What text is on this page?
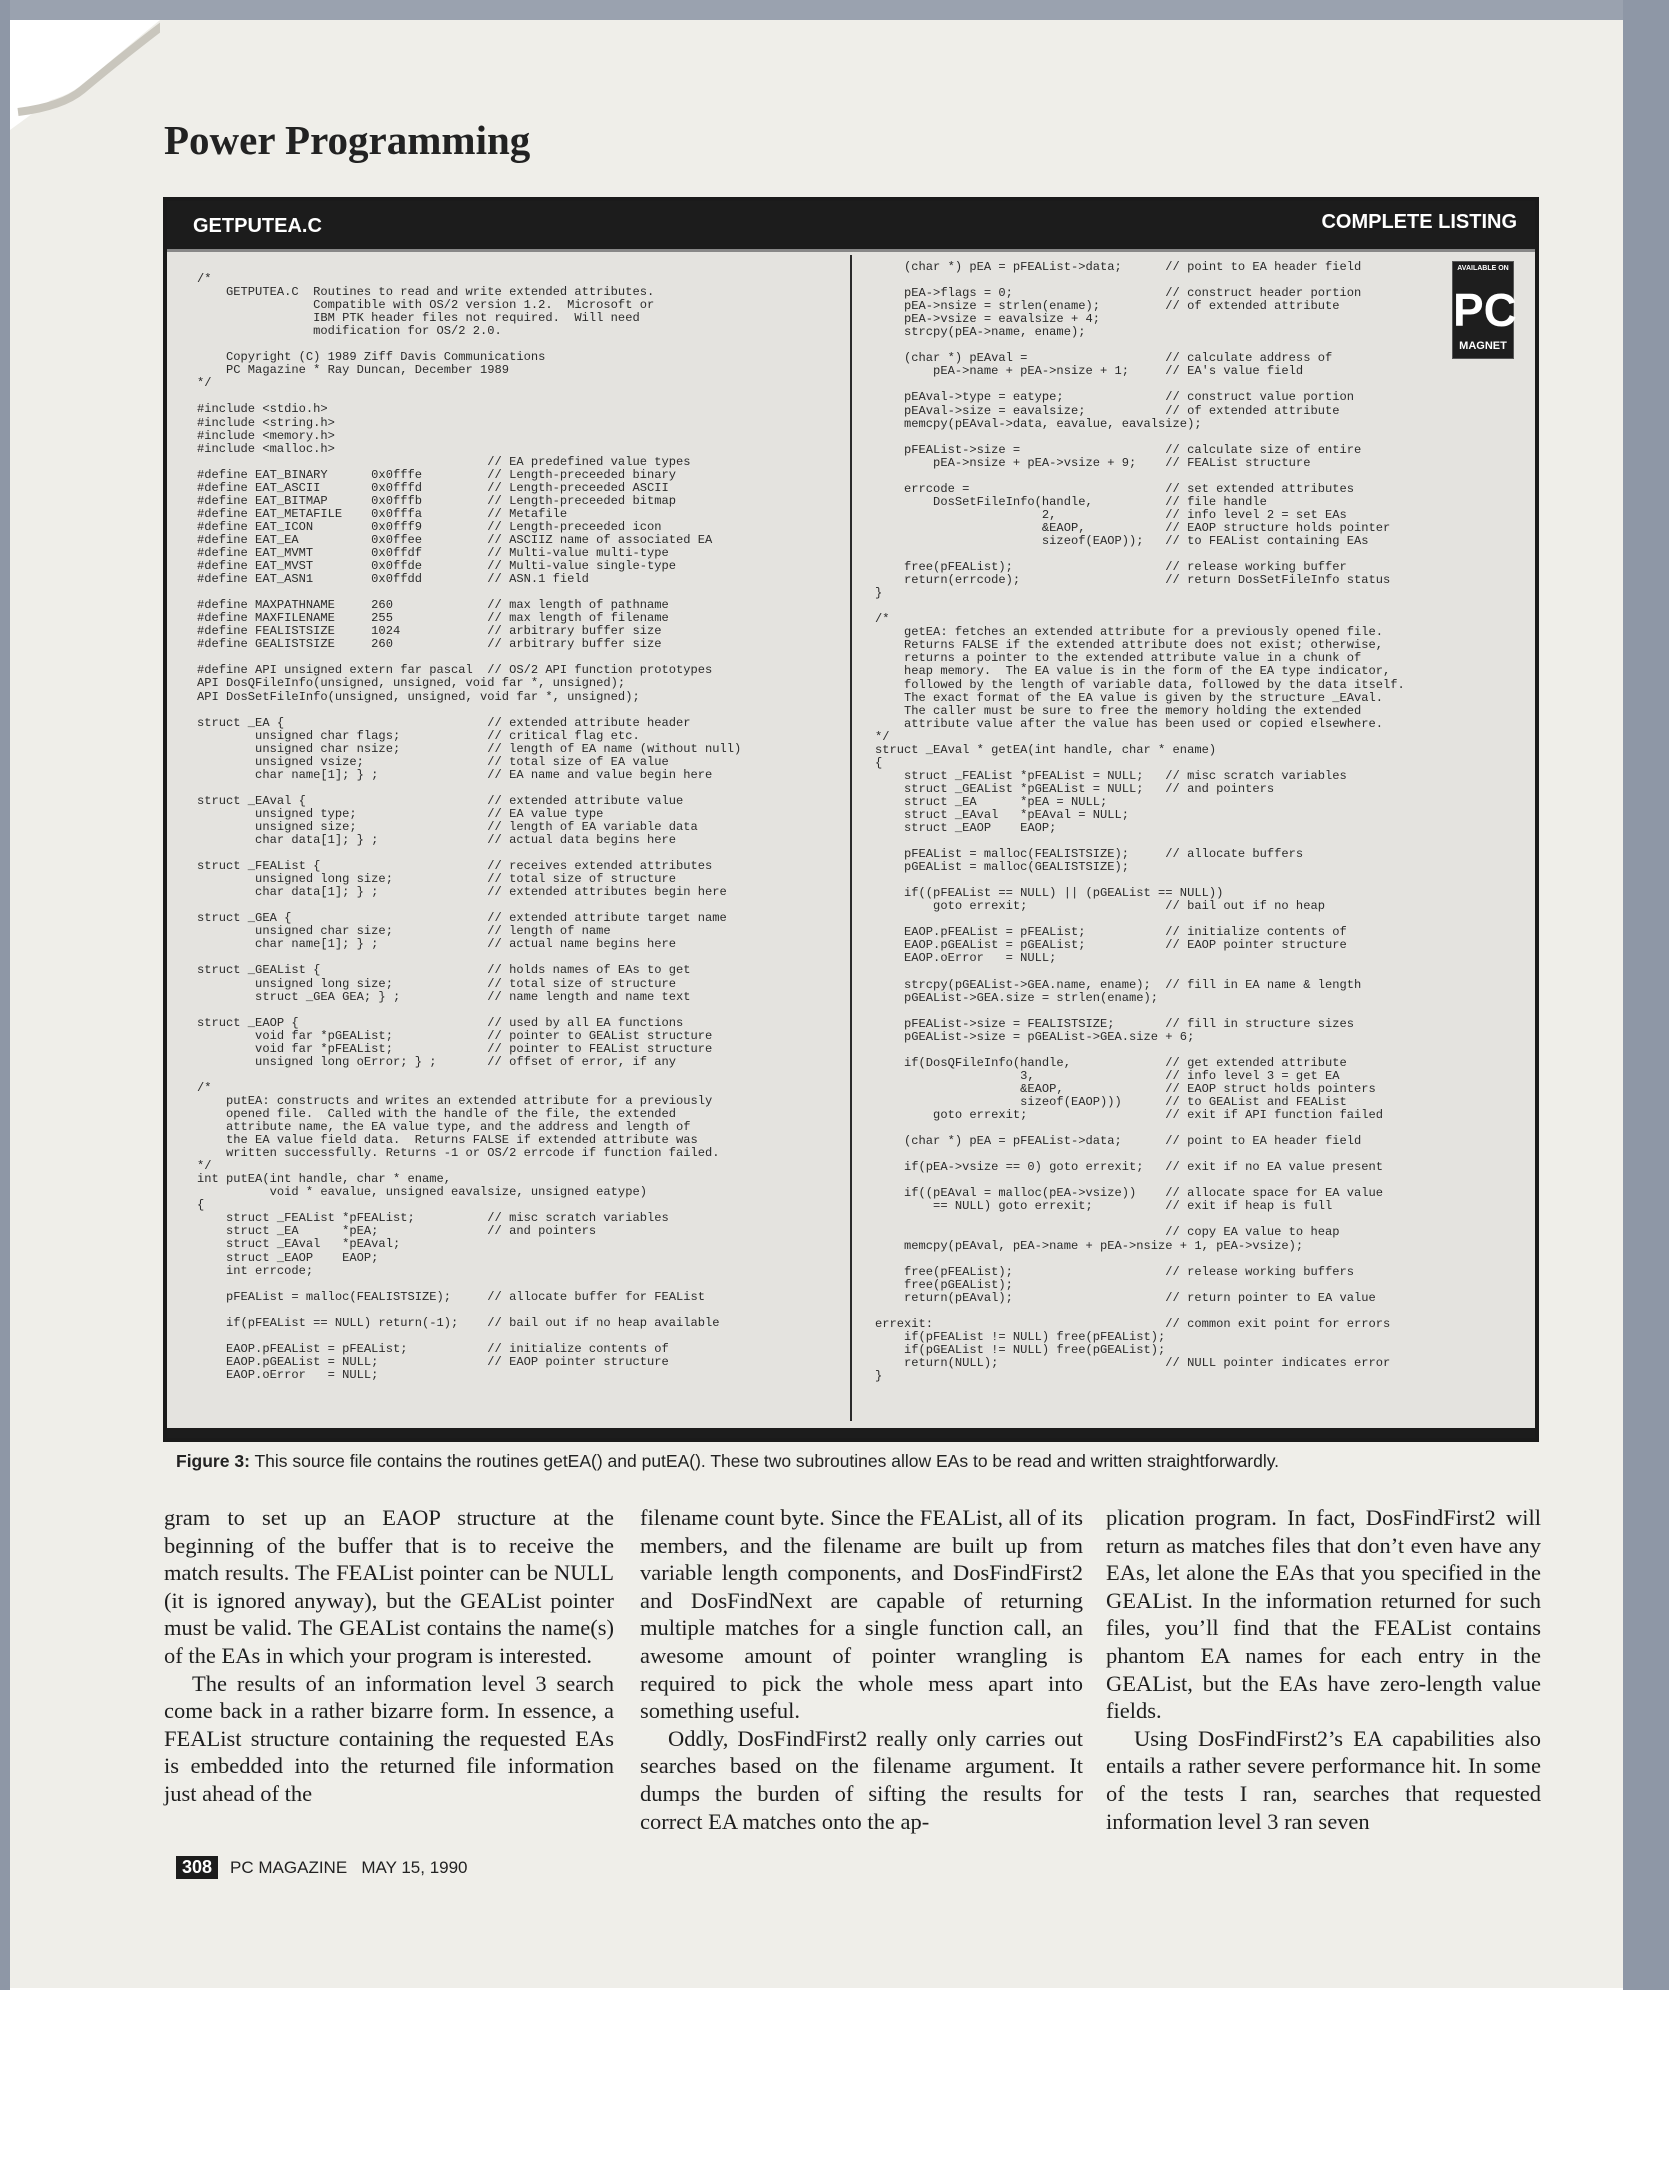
Power Programming
GETPUTEA.C	COMPLETE LISTING
/*
GETPUTEA.C  Routines to read and write extended attributes.
Compatible with OS/2 version 1.2.  Microsoft or
IBM PTK header files not required.  Will need
modification for OS/2 2.0.

Copyright (C) 1989 Ziff Davis Communications
PC Magazine * Ray Duncan, December 1989
*/

#include <stdio.h>
#include <string.h>
#include <memory.h>
#include <malloc.h>
// EA predefined value types
#define EAT_BINARY      0x0fffe         // Length-preceeded binary
#define EAT_ASCII       0x0fffd         // Length-preceeded ASCII
#define EAT_BITMAP      0x0fffb         // Length-preceeded bitmap
#define EAT_METAFILE    0x0fffa         // Metafile
#define EAT_ICON        0x0fff9         // Length-preceeded icon
#define EAT_EA          0x0ffee         // ASCIIZ name of associated EA
#define EAT_MVMT        0x0ffdf         // Multi-value multi-type
#define EAT_MVST        0x0ffde         // Multi-value single-type
#define EAT_ASN1        0x0ffdd         // ASN.1 field

#define MAXPATHNAME     260             // max length of pathname
#define MAXFILENAME     255             // max length of filename
#define FEALISTSIZE     1024            // arbitrary buffer size
#define GEALISTSIZE     260             // arbitrary buffer size

#define API unsigned extern far pascal  // OS/2 API function prototypes
API DosQFileInfo(unsigned, unsigned, void far *, unsigned);
API DosSetFileInfo(unsigned, unsigned, void far *, unsigned);

struct _EA {                            // extended attribute header
unsigned char flags;            // critical flag etc.
unsigned char nsize;            // length of EA name (without null)
unsigned vsize;                 // total size of EA value
char name[1]; } ;               // EA name and value begin here

struct _EAval {                         // extended attribute value
unsigned type;                  // EA value type
unsigned size;                  // length of EA variable data
char data[1]; } ;               // actual data begins here

struct _FEAList {                       // receives extended attributes
unsigned long size;             // total size of structure
char data[1]; } ;               // extended attributes begin here

struct _GEA {                           // extended attribute target name
unsigned char size;             // length of name
char name[1]; } ;               // actual name begins here

struct _GEAList {                       // holds names of EAs to get
unsigned long size;             // total size of structure
struct _GEA GEA; } ;            // name length and name text

struct _EAOP {                          // used by all EA functions
void far *pGEAList;             // pointer to GEAList structure
void far *pFEAList;             // pointer to FEAList structure
unsigned long oError; } ;       // offset of error, if any

/*
putEA: constructs and writes an extended attribute for a previously
opened file.  Called with the handle of the file, the extended
attribute name, the EA value type, and the address and length of
the EA value field data.  Returns FALSE if extended attribute was
written successfully. Returns -1 or OS/2 errcode if function failed.
*/
int putEA(int handle, char * ename,
void * eavalue, unsigned eavalsize, unsigned eatype)
{
struct _FEAList *pFEAList;          // misc scratch variables
struct _EA      *pEA;               // and pointers
struct _EAval   *pEAval;
struct _EAOP    EAOP;
int errcode;

pFEAList = malloc(FEALISTSIZE);     // allocate buffer for FEAList

if(pFEAList == NULL) return(-1);    // bail out if no heap available

EAOP.pFEAList = pFEAList;           // initialize contents of
EAOP.pGEAList = NULL;               // EAOP pointer structure
EAOP.oError   = NULL;
(char *) pEA = pFEAList->data;      // point to EA header field

pEA->flags = 0;                     // construct header portion
pEA->nsize = strlen(ename);         // of extended attribute
pEA->vsize = eavalsize + 4;
strcpy(pEA->name, ename);

(char *) pEAval =                   // calculate address of
pEA->name + pEA->nsize + 1;     // EA's value field

pEAval->type = eatype;              // construct value portion
pEAval->size = eavalsize;           // of extended attribute
memcpy(pEAval->data, eavalue, eavalsize);

pFEAList->size =                    // calculate size of entire
pEA->nsize + pEA->vsize + 9;    // FEAList structure

errcode =                           // set extended attributes
DosSetFileInfo(handle,          // file handle
2,               // info level 2 = set EAs
&EAOP,           // EAOP structure holds pointer
sizeof(EAOP));   // to FEAList containing EAs

free(pFEAList);                     // release working buffer
return(errcode);                    // return DosSetFileInfo status
}

/*
getEA: fetches an extended attribute for a previously opened file.
Returns FALSE if the extended attribute does not exist; otherwise,
returns a pointer to the extended attribute value in a chunk of
heap memory.  The EA value is in the form of the EA type indicator,
followed by the length of variable data, followed by the data itself.
The exact format of the EA value is given by the structure _EAval.
The caller must be sure to free the memory holding the extended
attribute value after the value has been used or copied elsewhere.
*/
struct _EAval * getEA(int handle, char * ename)
{
struct _FEAList *pFEAList = NULL;   // misc scratch variables
struct _GEAList *pGEAList = NULL;   // and pointers
struct _EA      *pEA = NULL;
struct _EAval   *pEAval = NULL;
struct _EAOP    EAOP;

pFEAList = malloc(FEALISTSIZE);     // allocate buffers
pGEAList = malloc(GEALISTSIZE);

if((pFEAList == NULL) || (pGEAList == NULL))
goto errexit;                   // bail out if no heap

EAOP.pFEAList = pFEAList;           // initialize contents of
EAOP.pGEAList = pGEAList;           // EAOP pointer structure
EAOP.oError   = NULL;

strcpy(pGEAList->GEA.name, ename);  // fill in EA name & length
pGEAList->GEA.size = strlen(ename);

pFEAList->size = FEALISTSIZE;       // fill in structure sizes
pGEAList->size = pGEAList->GEA.size + 6;

if(DosQFileInfo(handle,             // get extended attribute
3,                  // info level 3 = get EA
&EAOP,              // EAOP struct holds pointers
sizeof(EAOP)))      // to GEAList and FEAList
goto errexit;                   // exit if API function failed

(char *) pEA = pFEAList->data;      // point to EA header field

if(pEA->vsize == 0) goto errexit;   // exit if no EA value present

if((pEAval = malloc(pEA->vsize))    // allocate space for EA value
== NULL) goto errexit;          // exit if heap is full

// copy EA value to heap
memcpy(pEAval, pEA->name + pEA->nsize + 1, pEA->vsize);

free(pFEAList);                     // release working buffers
free(pGEAList);
return(pEAval);                     // return pointer to EA value

errexit:                                // common exit point for errors
if(pFEAList != NULL) free(pFEAList);
if(pGEAList != NULL) free(pGEAList);
return(NULL);                       // NULL pointer indicates error
}
AVAILABLE ON
PC
MAGNET

Figure 3: This source file contains the routines getEA() and putEA(). These two subroutines allow EAs to be read and written straightforwardly.

gram to set up an EAOP structure at the beginning of the buffer that is to receive the match results. The FEAList pointer can be NULL (it is ignored anyway), but the GEAList pointer must be valid. The GEAList contains the name(s) of the EAs in which your program is interested.

The results of an information level 3 search come back in a rather bizarre form. In essence, a FEAList structure containing the requested EAs is embedded into the returned file information just ahead of the

filename count byte. Since the FEAList, all of its members, and the filename are built up from variable length components, and DosFindFirst2 and DosFindNext are capable of returning multiple matches for a single function call, an awesome amount of pointer wrangling is required to pick the whole mess apart into something useful.

Oddly, DosFindFirst2 really only carries out searches based on the filename argument. It dumps the burden of sifting the results for correct EA matches onto the ap-

plication program. In fact, DosFindFirst2 will return as matches files that don’t even have any EAs, let alone the EAs that you specified in the GEAList. In the information returned for such files, you’ll find that the FEAList contains phantom EA names for each entry in the GEAList, but the EAs have zero-length value fields.

Using DosFindFirst2’s EA capabilities also entails a rather severe performance hit. In some of the tests I ran, searches that requested information level 3 ran seven

308 PC MAGAZINE   MAY 15, 1990
